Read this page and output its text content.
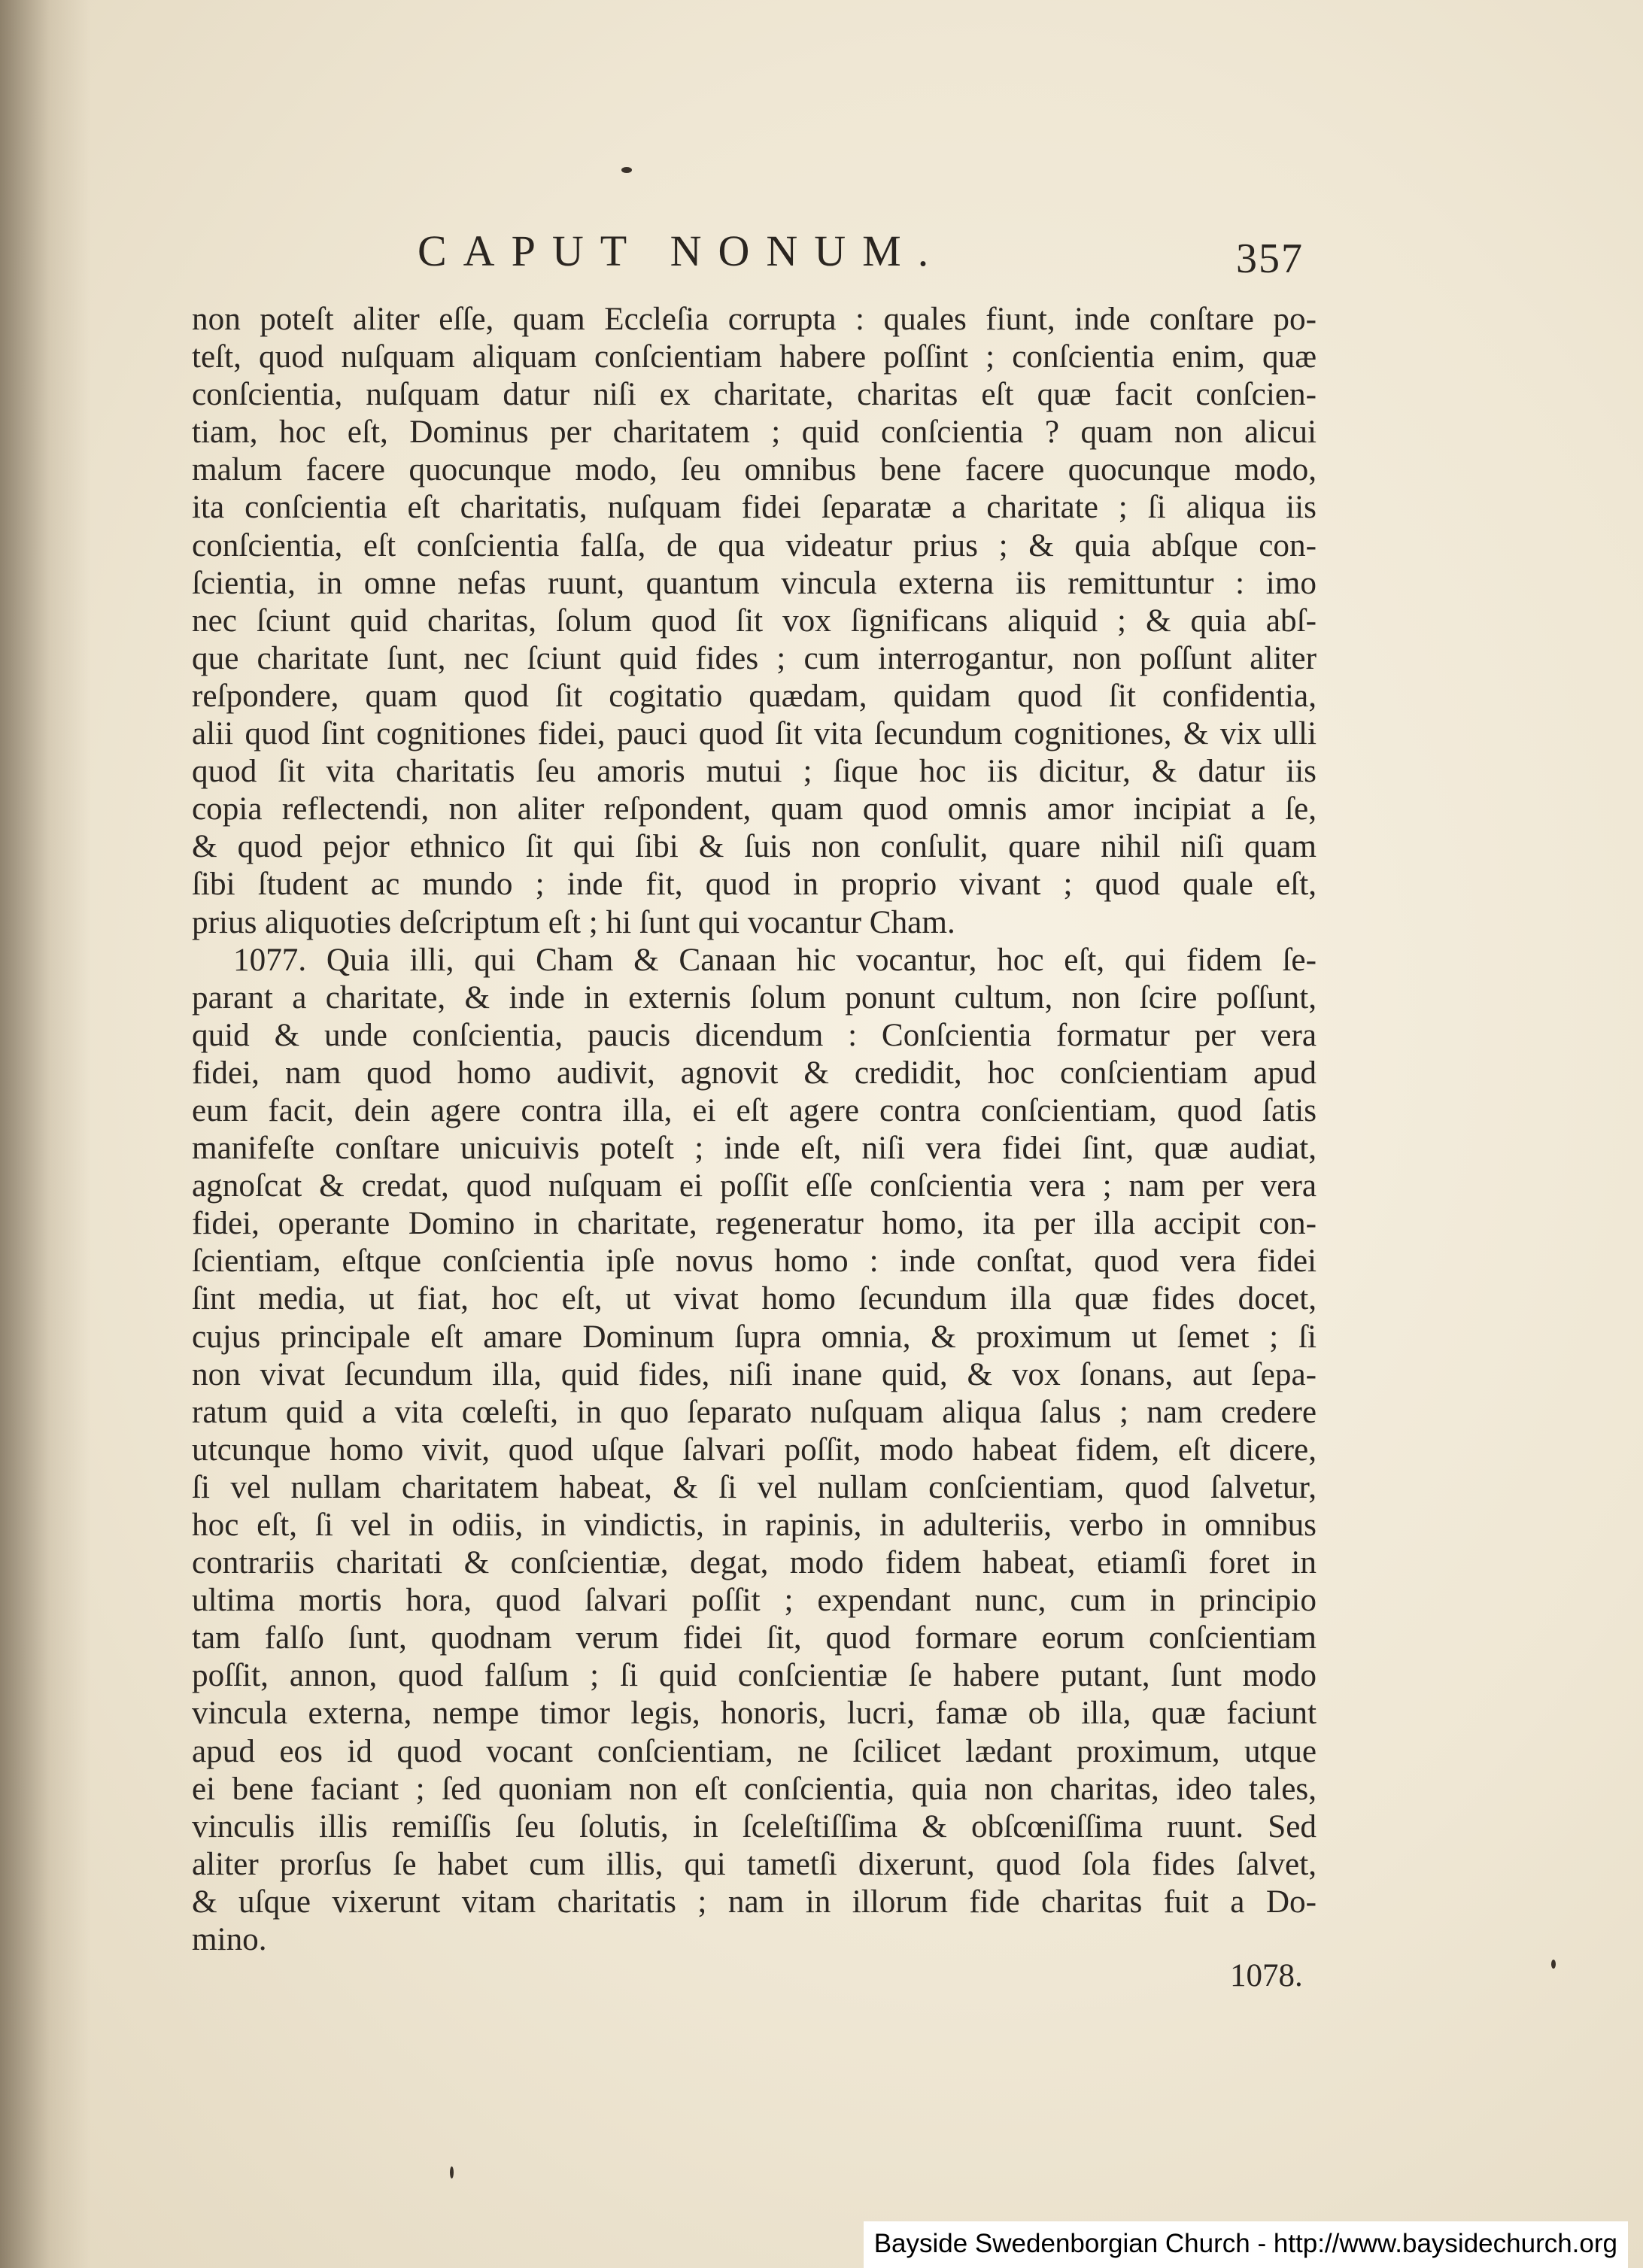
CAPUT NONUM.	357
non poteſt aliter eſſe, quam Eccleſia corrupta : quales fiunt, inde conſtare po-
teſt, quod nuſquam aliquam conſcientiam habere poſſint ; conſcientia enim, quæ
conſcientia, nuſquam datur niſi ex charitate, charitas eſt quæ facit conſcien-
tiam, hoc eſt, Dominus per charitatem ; quid conſcientia ? quam non alicui
malum facere quocunque modo, ſeu omnibus bene facere quocunque modo,
ita conſcientia eſt charitatis, nuſquam fidei ſeparatæ a charitate ; ſi aliqua iis
conſcientia, eſt conſcientia falſa, de qua videatur prius ; & quia abſque con-
ſcientia, in omne nefas ruunt, quantum vincula externa iis remittuntur : imo
nec ſciunt quid charitas, ſolum quod ſit vox ſignificans aliquid ; & quia abſ-
que charitate ſunt, nec ſciunt quid fides ; cum interrogantur, non poſſunt aliter
reſpondere, quam quod ſit cogitatio quædam, quidam quod ſit confidentia,
alii quod ſint cognitiones fidei, pauci quod ſit vita ſecundum cognitiones, & vix ulli
quod ſit vita charitatis ſeu amoris mutui ; ſique hoc iis dicitur, & datur iis
copia reflectendi, non aliter reſpondent, quam quod omnis amor incipiat a ſe,
& quod pejor ethnico ſit qui ſibi & ſuis non conſulit, quare nihil niſi quam
ſibi ſtudent ac mundo ; inde fit, quod in proprio vivant ; quod quale eſt,
prius aliquoties deſcriptum eſt ; hi ſunt qui vocantur Cham.
1077. Quia illi, qui Cham & Canaan hic vocantur, hoc eſt, qui fidem ſe-
parant a charitate, & inde in externis ſolum ponunt cultum, non ſcire poſſunt,
quid & unde conſcientia, paucis dicendum : Conſcientia formatur per vera
fidei, nam quod homo audivit, agnovit & credidit, hoc conſcientiam apud
eum facit, dein agere contra illa, ei eſt agere contra conſcientiam, quod ſatis
manifeſte conſtare unicuivis poteſt ; inde eſt, niſi vera fidei ſint, quæ audiat,
agnoſcat & credat, quod nuſquam ei poſſit eſſe conſcientia vera ; nam per vera
fidei, operante Domino in charitate, regeneratur homo, ita per illa accipit con-
ſcientiam, eſtque conſcientia ipſe novus homo : inde conſtat, quod vera fidei
ſint media, ut fiat, hoc eſt, ut vivat homo ſecundum illa quæ fides docet,
cujus principale eſt amare Dominum ſupra omnia, & proximum ut ſemet ; ſi
non vivat ſecundum illa, quid fides, niſi inane quid, & vox ſonans, aut ſepa-
ratum quid a vita cœleſti, in quo ſeparato nuſquam aliqua ſalus ; nam credere
utcunque homo vivit, quod uſque ſalvari poſſit, modo habeat fidem, eſt dicere,
ſi vel nullam charitatem habeat, & ſi vel nullam conſcientiam, quod ſalvetur,
hoc eſt, ſi vel in odiis, in vindictis, in rapinis, in adulteriis, verbo in omnibus
contrariis charitati & conſcientiæ, degat, modo fidem habeat, etiamſi foret in
ultima mortis hora, quod ſalvari poſſit ; expendant nunc, cum in principio
tam falſo ſunt, quodnam verum fidei ſit, quod formare eorum conſcientiam
poſſit, annon, quod falſum ; ſi quid conſcientiæ ſe habere putant, ſunt modo
vincula externa, nempe timor legis, honoris, lucri, famæ ob illa, quæ faciunt
apud eos id quod vocant conſcientiam, ne ſcilicet lædant proximum, utque
ei bene faciant ; ſed quoniam non eſt conſcientia, quia non charitas, ideo tales,
vinculis illis remiſſis ſeu ſolutis, in ſceleſtiſſima & obſcœniſſima ruunt. Sed
aliter prorſus ſe habet cum illis, qui tametſi dixerunt, quod ſola fides ſalvet,
& uſque vixerunt vitam charitatis ; nam in illorum fide charitas fuit a Do-
mino.
1078.
Bayside Swedenborgian Church - http://www.baysidechurch.org
